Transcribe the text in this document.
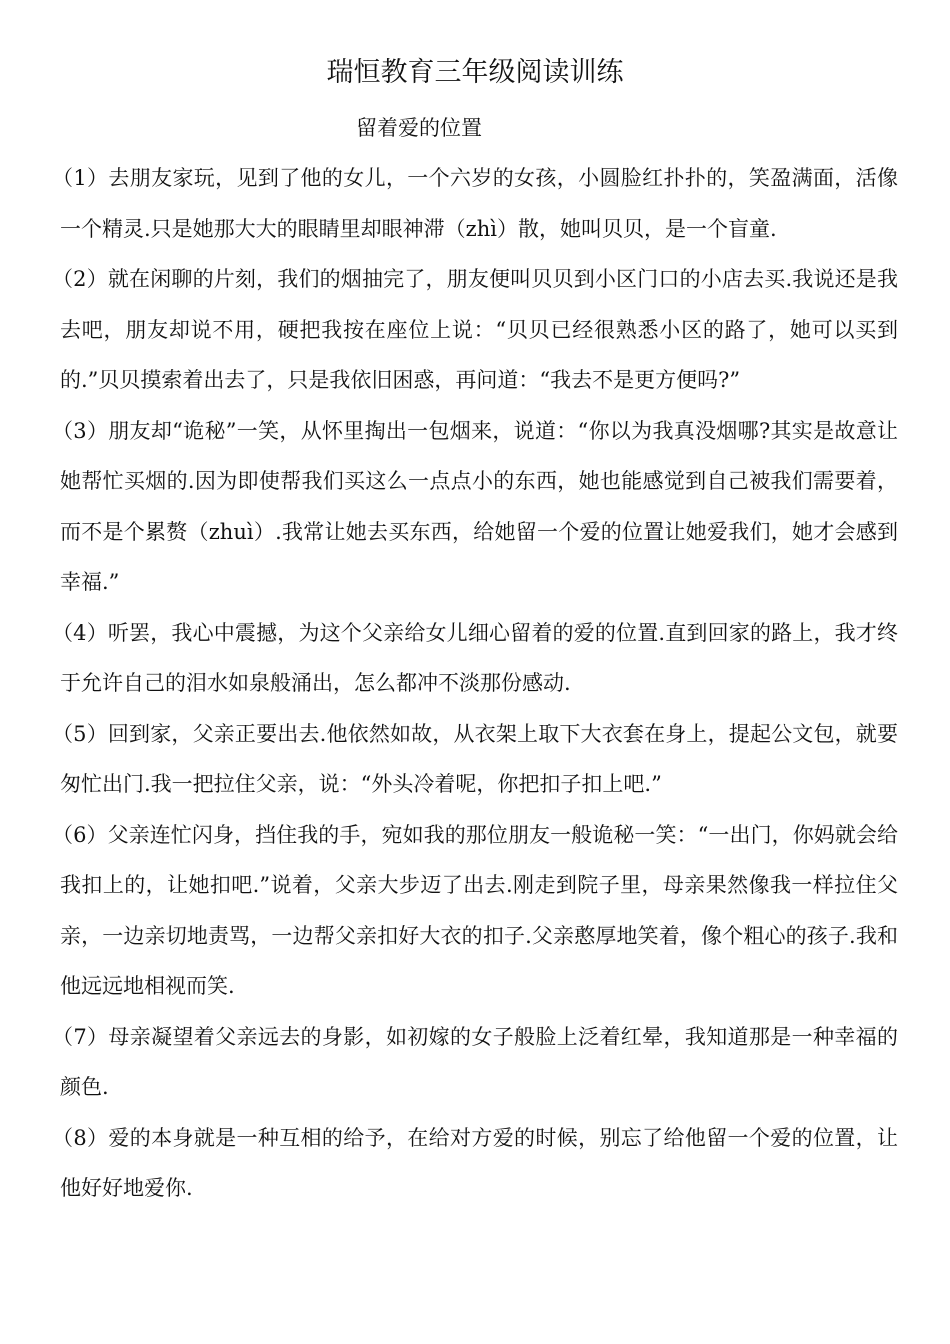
瑞恒教育三年级阅读训练
留着爱的位置

（1）去朋友家玩，见到了他的女儿，一个六岁的女孩，小圆脸红扑扑的，笑盈满面，活像一个精灵.只是她那大大的眼睛里却眼神滞（zhì）散，她叫贝贝，是一个盲童.

（2）就在闲聊的片刻，我们的烟抽完了，朋友便叫贝贝到小区门口的小店去买.我说还是我去吧，朋友却说不用，硬把我按在座位上说：“贝贝已经很熟悉小区的路了，她可以买到的.”贝贝摸索着出去了，只是我依旧困惑，再问道：“我去不是更方便吗?”

（3）朋友却“诡秘”一笑，从怀里掏出一包烟来，说道：“你以为我真没烟哪?其实是故意让她帮忙买烟的.因为即使帮我们买这么一点点小的东西，她也能感觉到自己被我们需要着，而不是个累赘（zhuì）.我常让她去买东西，给她留一个爱的位置让她爱我们，她才会感到幸福.”

（4）听罢，我心中震撼，为这个父亲给女儿细心留着的爱的位置.直到回家的路上，我才终于允许自己的泪水如泉般涌出，怎么都冲不淡那份感动.

（5）回到家，父亲正要出去.他依然如故，从衣架上取下大衣套在身上，提起公文包，就要匆忙出门.我一把拉住父亲，说：“外头冷着呢，你把扣子扣上吧.”

（6）父亲连忙闪身，挡住我的手，宛如我的那位朋友一般诡秘一笑：“一出门，你妈就会给我扣上的，让她扣吧.”说着，父亲大步迈了出去.刚走到院子里，母亲果然像我一样拉住父亲，一边亲切地责骂，一边帮父亲扣好大衣的扣子.父亲憨厚地笑着，像个粗心的孩子.我和他远远地相视而笑.

（7）母亲凝望着父亲远去的身影，如初嫁的女子般脸上泛着红晕，我知道那是一种幸福的颜色.

（8）爱的本身就是一种互相的给予，在给对方爱的时候，别忘了给他留一个爱的位置，让他好好地爱你.
